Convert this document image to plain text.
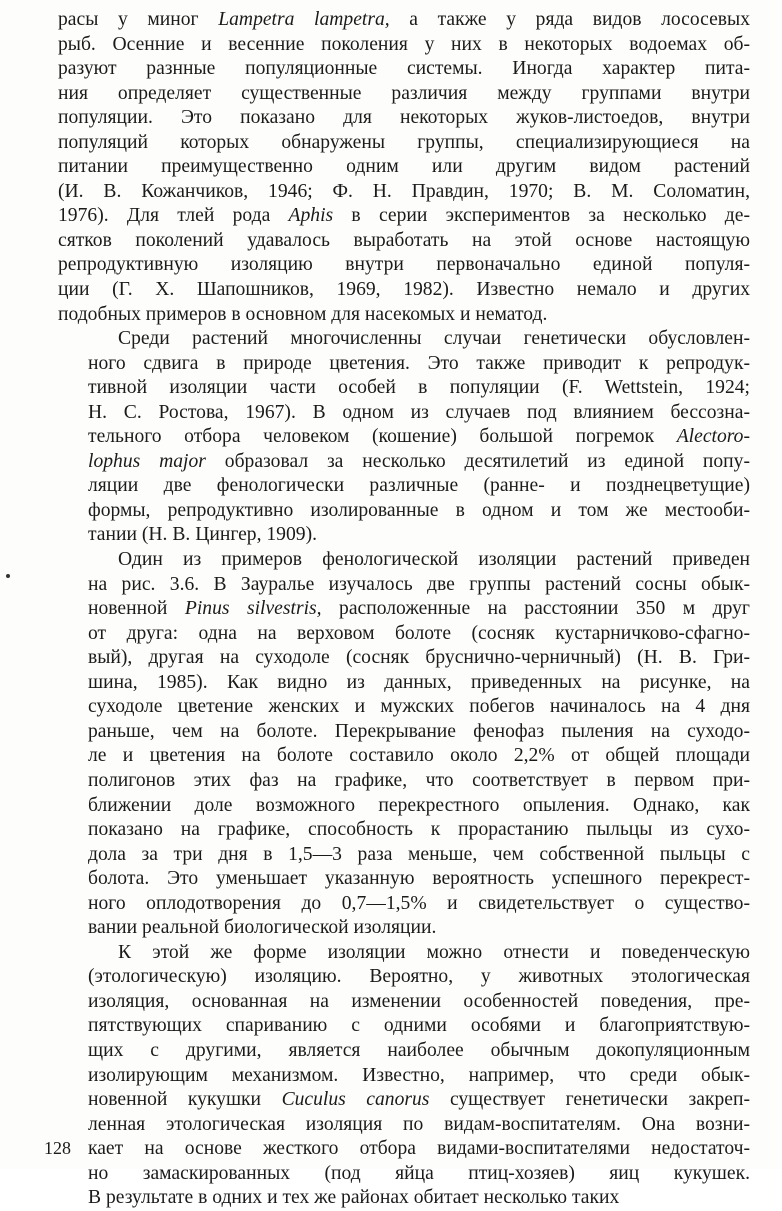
расы у миног Lampetra lampetra, а также у ряда видов лососевых
рыб. Осенние и весенние поколения у них в некоторых водоемах об-
разуют разнные популяционные системы. Иногда характер пита-
ния определяет существенные различия между группами внутри
популяции. Это показано для некоторых жуков-листоедов, внутри
популяций которых обнаружены группы, специализирующиеся на
питании преимущественно одним или другим видом растений
(И. В. Кожанчиков, 1946; Ф. Н. Правдин, 1970; В. М. Соломатин,
1976). Для тлей рода Aphis в серии экспериментов за несколько де-
сятков поколений удавалось выработать на этой основе настоящую
репродуктивную изоляцию внутри первоначально единой популя-
ции (Г. Х. Шапошников, 1969, 1982). Известно немало и других
подобных примеров в основном для насекомых и нематод.
Среди растений многочисленны случаи генетически обусловлен-
ного сдвига в природе цветения. Это также приводит к репродук-
тивной изоляции части особей в популяции (F. Wettstein, 1924;
Н. С. Ростова, 1967). В одном из случаев под влиянием бессозна-
тельного отбора человеком (кошение) большой погремок Alectoro-
lophus major образовал за несколько десятилетий из единой попу-
ляции две фенологически различные (ранне- и позднецветущие)
формы, репродуктивно изолированные в одном и том же местооби-
тании (Н. В. Цингер, 1909).
Один из примеров фенологической изоляции растений приведен
на рис. 3.6. В Зауралье изучалось две группы растений сосны обык-
новенной Pinus silvestris, расположенные на расстоянии 350 м друг
от друга: одна на верховом болоте (сосняк кустарничково-сфагно-
вый), другая на суходоле (сосняк бруснично-черничный) (Н. В. Гри-
шина, 1985). Как видно из данных, приведенных на рисунке, на
суходоле цветение женских и мужских побегов начиналось на 4 дня
раньше, чем на болоте. Перекрывание фенофаз пыления на суходо-
ле и цветения на болоте составило около 2,2% от общей площади
полигонов этих фаз на графике, что соответствует в первом при-
ближении доле возможного перекрестного опыления. Однако, как
показано на графике, способность к прорастанию пыльцы из сухо-
дола за три дня в 1,5—3 раза меньше, чем собственной пыльцы с
болота. Это уменьшает указанную вероятность успешного перекрест-
ного оплодотворения до 0,7—1,5% и свидетельствует о существо-
вании реальной биологической изоляции.
К этой же форме изоляции можно отнести и поведенческую
(этологическую) изоляцию. Вероятно, у животных этологическая
изоляция, основанная на изменении особенностей поведения, пре-
пятствующих спариванию с одними особями и благоприятствую-
щих с другими, является наиболее обычным докопуляционным
изолирующим механизмом. Известно, например, что среди обык-
новенной кукушки Cuculus canorus существует генетически закреп-
ленная этологическая изоляция по видам-воспитателям. Она возни-
кает на основе жесткого отбора видами-воспитателями недостаточ-
но замаскированных (под яйца птиц-хозяев) яиц кукушек.
В результате в одних и тех же районах обитает несколько таких
128
